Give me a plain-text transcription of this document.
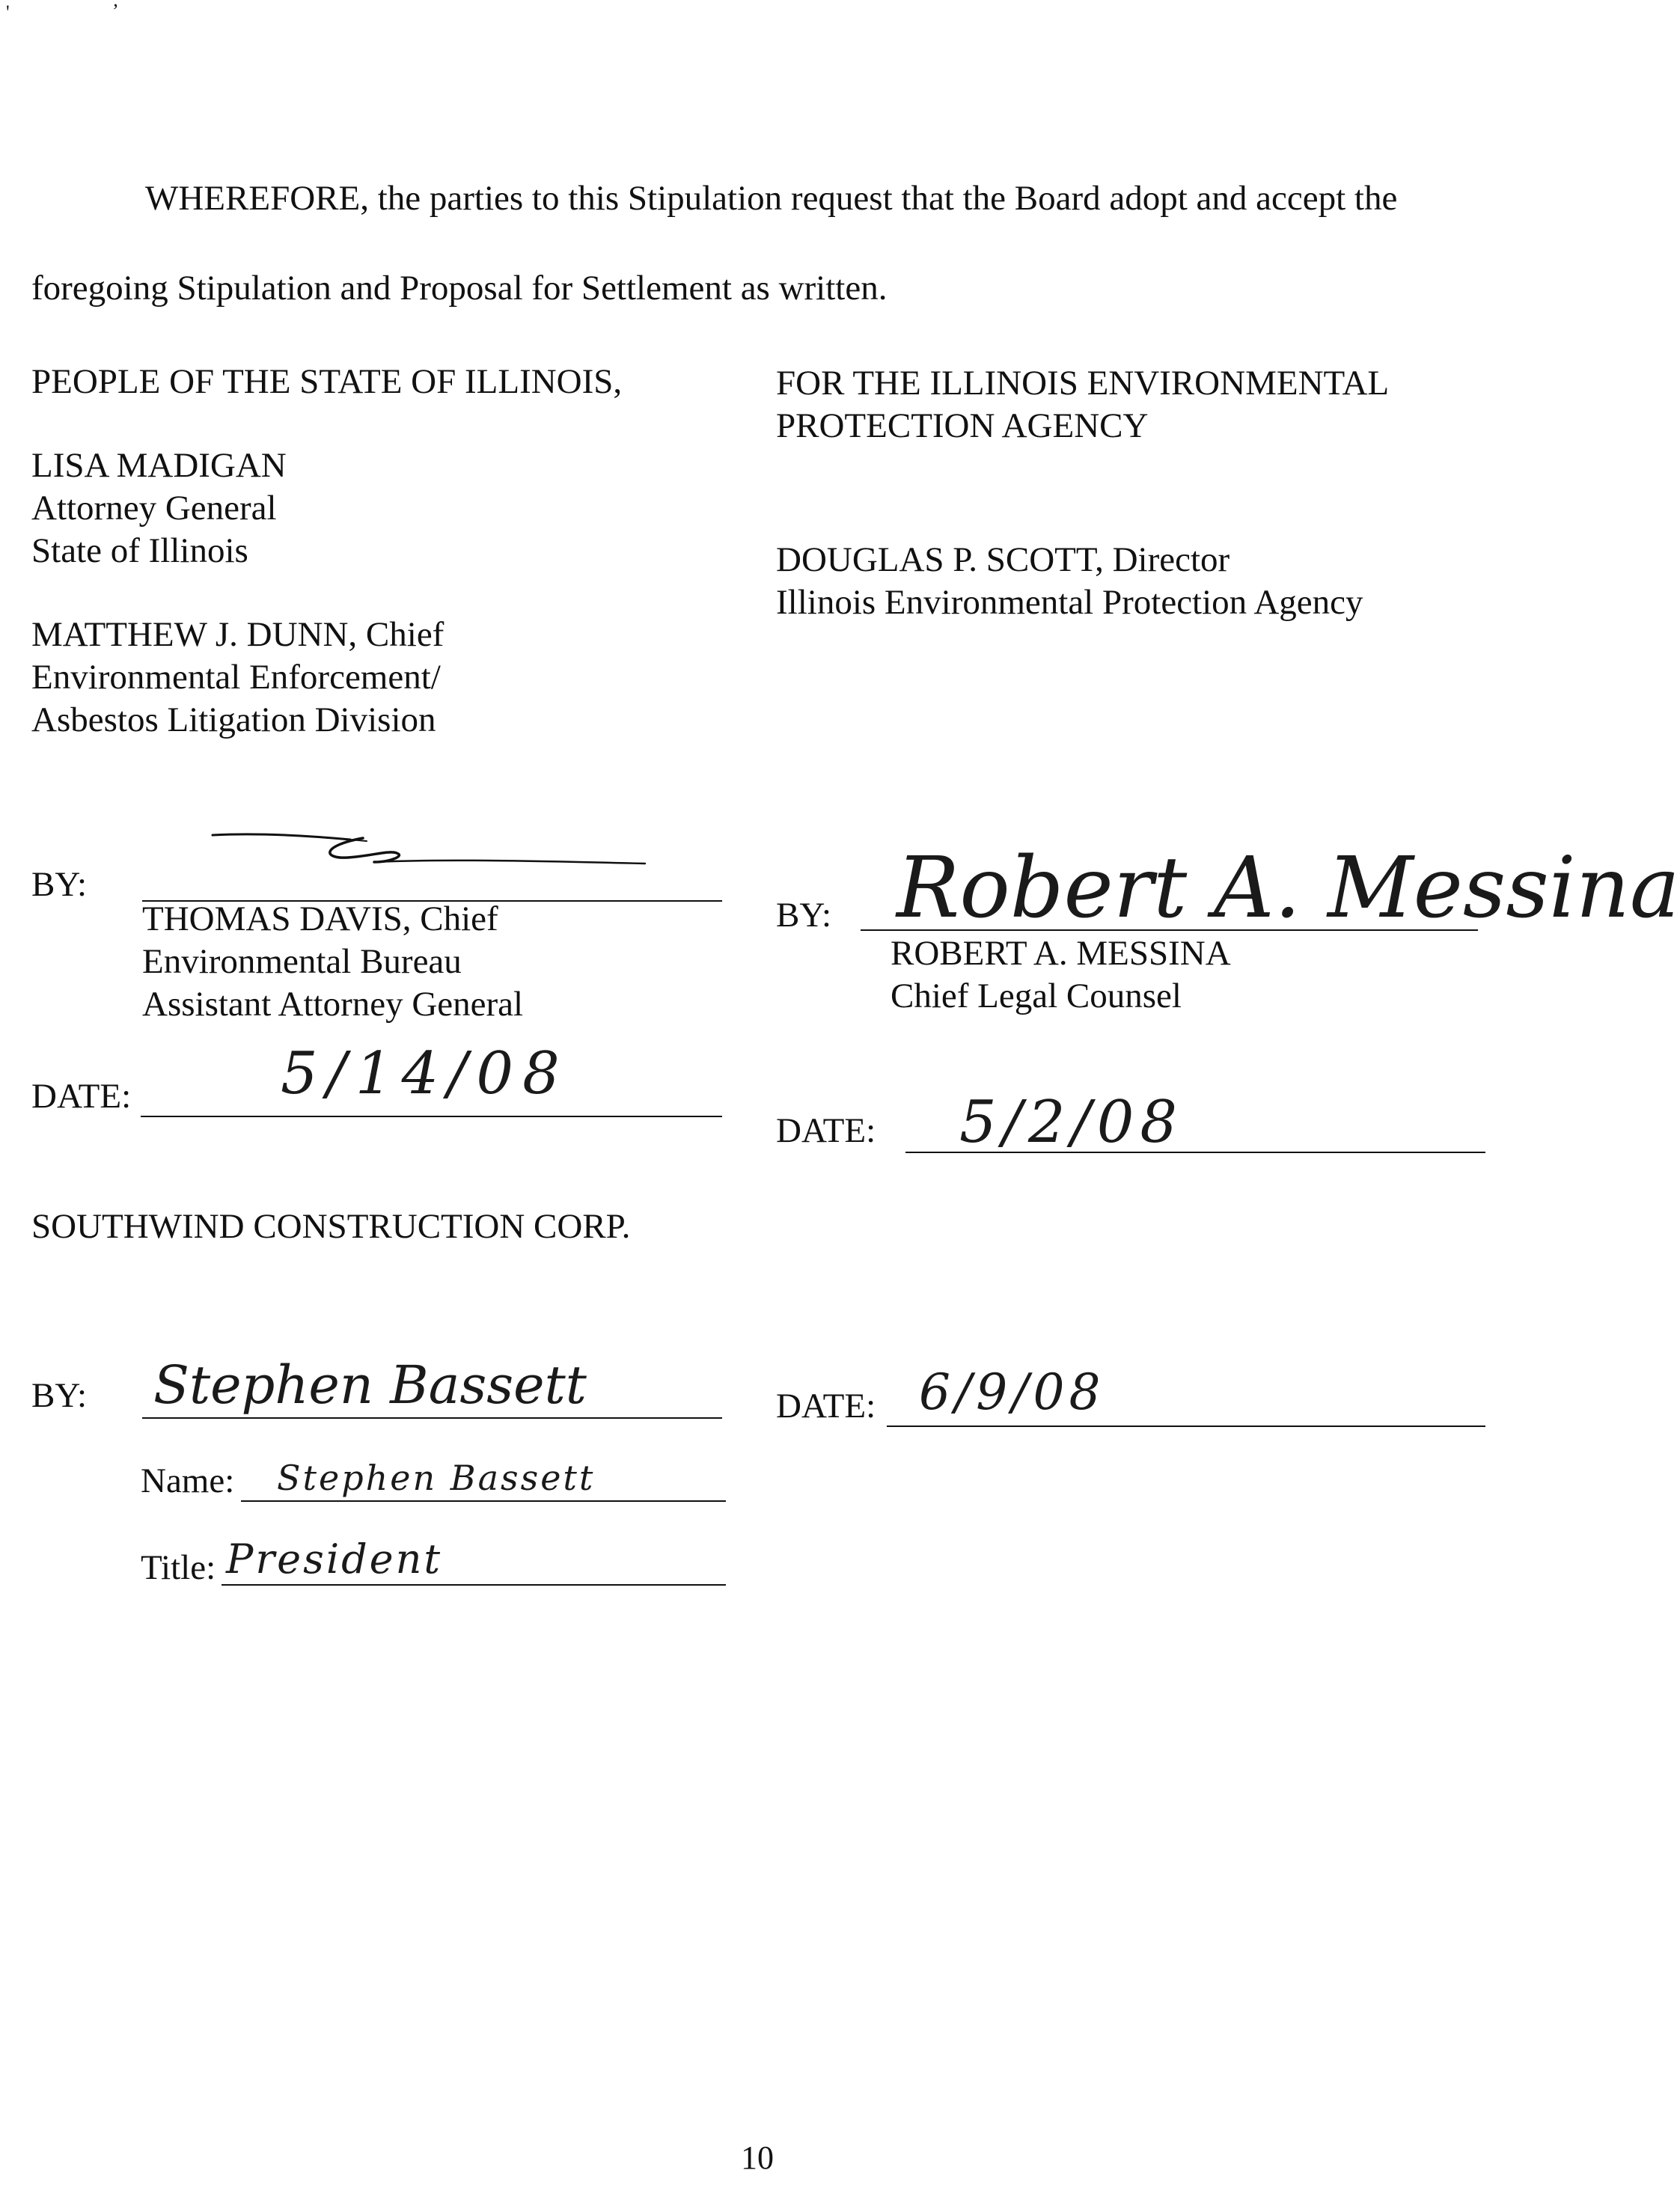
'	ʼ
WHEREFORE, the parties to this Stipulation request that the Board adopt and accept the
foregoing Stipulation and Proposal for Settlement as written.
PEOPLE OF THE STATE OF ILLINOIS,
LISA MADIGAN
Attorney General
State of Illinois
MATTHEW J. DUNN, Chief
Environmental Enforcement/
Asbestos Litigation Division
FOR THE ILLINOIS ENVIRONMENTAL
PROTECTION AGENCY
DOUGLAS P. SCOTT, Director
Illinois Environmental Protection Agency
BY:
THOMAS DAVIS, Chief
Environmental Bureau
Assistant Attorney General
DATE:	5/14/08
BY: Robert A. Messina
ROBERT A. MESSINA
Chief Legal Counsel
DATE: 5/2/08
SOUTHWIND CONSTRUCTION CORP.
BY: Stephen Bassett	DATE: 6/9/08
Name: Stephen Bassett
Title: President
10
